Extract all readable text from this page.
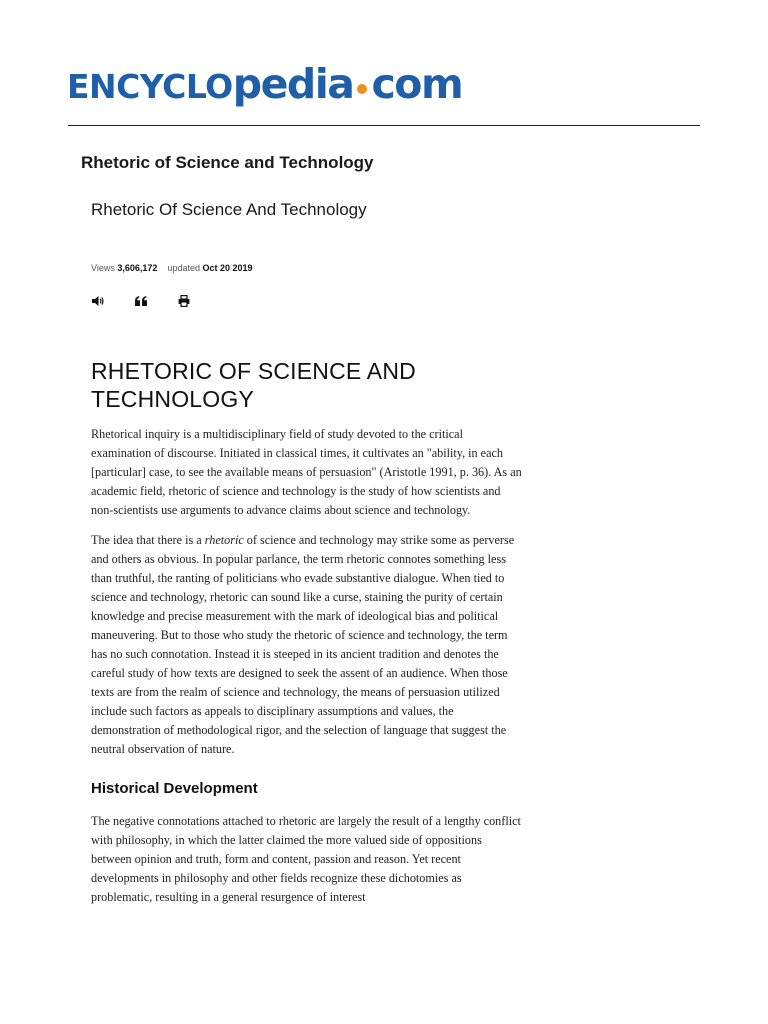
ENCYCLOpedia com
Rhetoric of Science and Technology
Rhetoric Of Science And Technology
Views 3,606,172 updated Oct 20 2019
RHETORIC OF SCIENCE AND TECHNOLOGY

Rhetorical inquiry is a multidisciplinary field of study devoted to the critical examination of discourse. Initiated in classical times, it cultivates an "ability, in each [particular] case, to see the available means of persuasion" (Aristotle 1991, p. 36). As an academic field, rhetoric of science and technology is the study of how scientists and non-scientists use arguments to advance claims about science and technology.

The idea that there is a rhetoric of science and technology may strike some as perverse and others as obvious. In popular parlance, the term rhetoric connotes something less than truthful, the ranting of politicians who evade substantive dialogue. When tied to science and technology, rhetoric can sound like a curse, staining the purity of certain knowledge and precise measurement with the mark of ideological bias and political maneuvering. But to those who study the rhetoric of science and technology, the term has no such connotation. Instead it is steeped in its ancient tradition and denotes the careful study of how texts are designed to seek the assent of an audience. When those texts are from the realm of science and technology, the means of persuasion utilized include such factors as appeals to disciplinary assumptions and values, the demonstration of methodological rigor, and the selection of language that suggest the neutral observation of nature.

Historical Development

The negative connotations attached to rhetoric are largely the result of a lengthy conflict with philosophy, in which the latter claimed the more valued side of oppositions between opinion and truth, form and content, passion and reason. Yet recent developments in philosophy and other fields recognize these dichotomies as problematic, resulting in a general resurgence of interest
